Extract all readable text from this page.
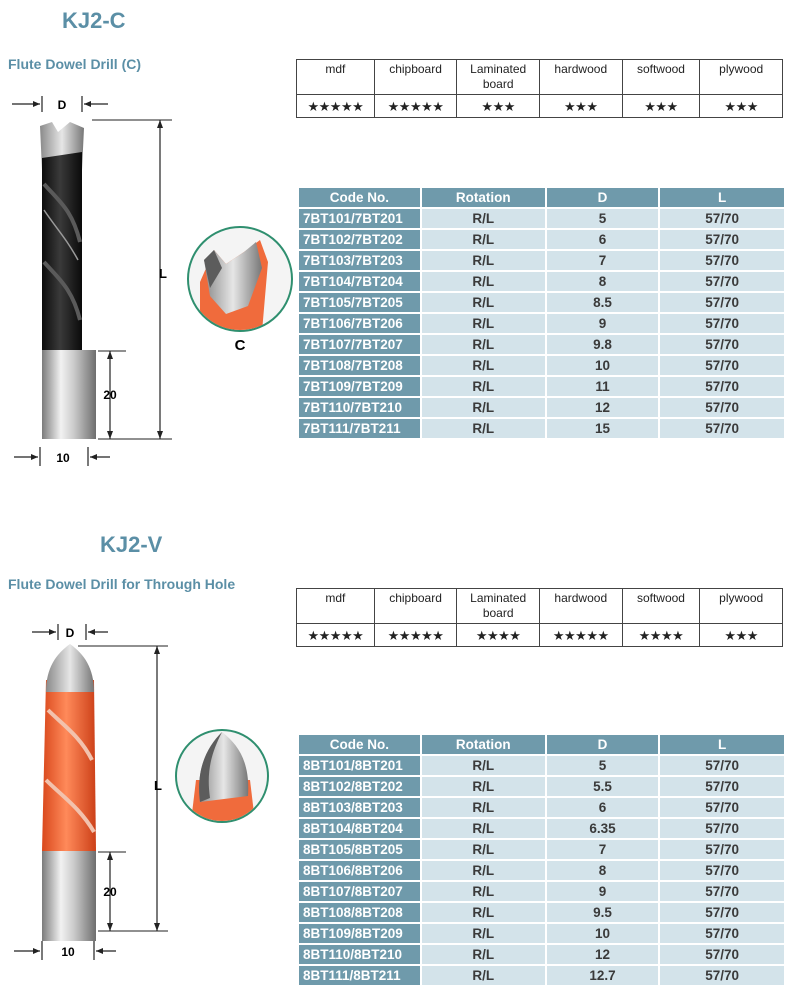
KJ2-C
Flute Dowel Drill (C)	mdf	chipboard	Laminated board	hardwood	softwood	plywood
★★★★★	★★★★★	★★★	★★★	★★★	★★★
Code No.	Rotation	D	L
7BT101/7BT201	R/L	5	57/70
7BT102/7BT202	R/L	6	57/70
7BT103/7BT203	R/L	7	57/70
7BT104/7BT204	R/L	8	57/70
7BT105/7BT205	R/L	8.5	57/70
7BT106/7BT206	R/L	9	57/70
7BT107/7BT207	R/L	9.8	57/70
7BT108/7BT208	R/L	10	57/70
7BT109/7BT209	R/L	11	57/70
7BT110/7BT210	R/L	12	57/70
7BT111/7BT211	R/L	15	57/70
D
L
20
10
C
KJ2-V
Flute Dowel Drill for Through Hole
mdf	chipboard	Laminated board	hardwood	softwood	plywood
★★★★★	★★★★★	★★★★	★★★★★	★★★★	★★★
Code No.	Rotation	D	L
8BT101/8BT201	R/L	5	57/70
8BT102/8BT202	R/L	5.5	57/70
8BT103/8BT203	R/L	6	57/70
8BT104/8BT204	R/L	6.35	57/70
8BT105/8BT205	R/L	7	57/70
8BT106/8BT206	R/L	8	57/70
8BT107/8BT207	R/L	9	57/70
8BT108/8BT208	R/L	9.5	57/70
8BT109/8BT209	R/L	10	57/70
8BT110/8BT210	R/L	12	57/70
8BT111/8BT211	R/L	12.7	57/70
D
L
20
10
